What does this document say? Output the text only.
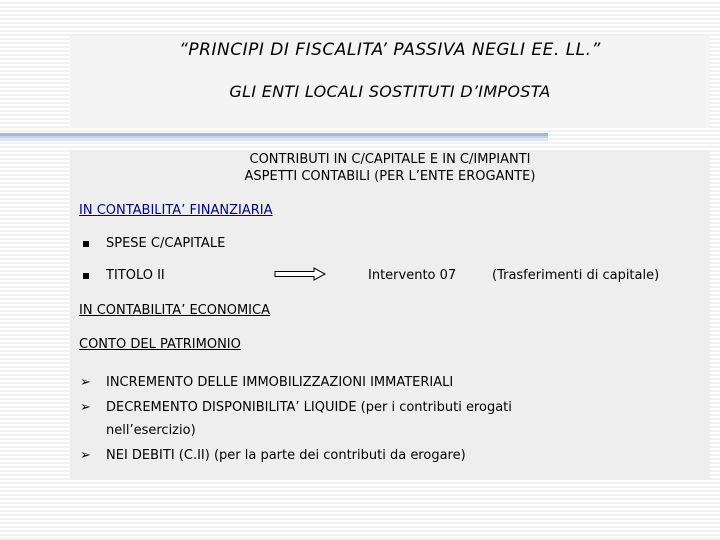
“PRINCIPI DI FISCALITA’ PASSIVA NEGLI EE. LL.”
GLI ENTI LOCALI SOSTITUTI D’IMPOSTA
CONTRIBUTI IN C/CAPITALE E IN C/IMPIANTI
ASPETTI CONTABILI (PER L’ENTE EROGANTE)
IN CONTABILITA’ FINANZIARIA
SPESE C/CAPITALE
TITOLO II	Intervento 07	(Trasferimenti di capitale)
IN CONTABILITA’ ECONOMICA
CONTO DEL PATRIMONIO
➢ INCREMENTO DELLE IMMOBILIZZAZIONI IMMATERIALI
➢ DECREMENTO DISPONIBILITA’ LIQUIDE (per i contributi erogati
nell’esercizio)
➢ NEI DEBITI (C.II) (per la parte dei contributi da erogare)
